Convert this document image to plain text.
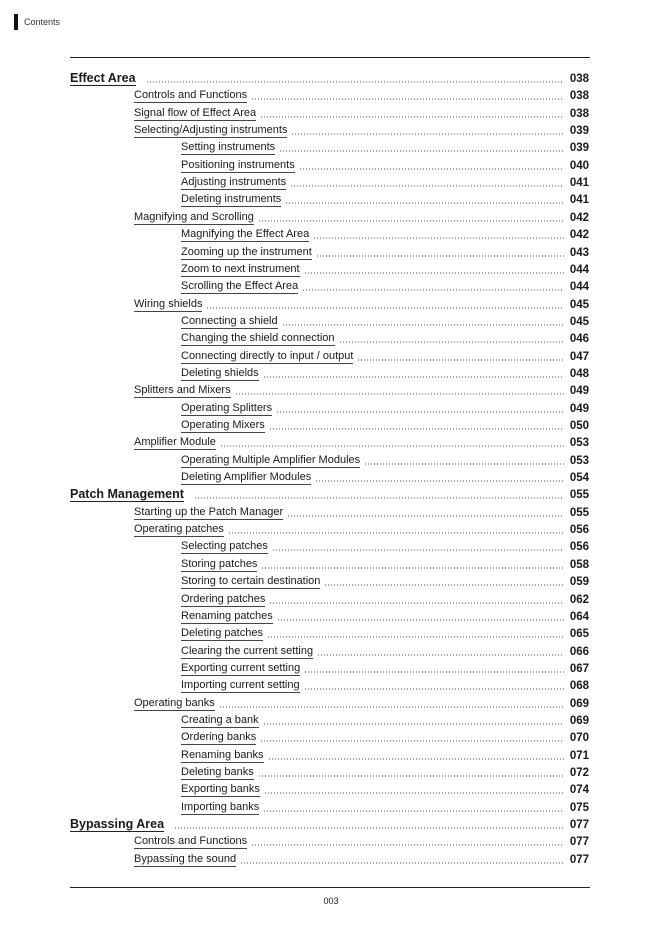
Contents
Effect Area	038
Controls and Functions	038
Signal flow of Effect Area	038
Selecting/Adjusting instruments	039
Setting instruments	039
Positioning instruments	040
Adjusting instruments	041
Deleting instruments	041
Magnifying and Scrolling	042
Magnifying the Effect Area	042
Zooming up the instrument	043
Zoom to next instrument	044
Scrolling the Effect Area	044
Wiring shields	045
Connecting a shield	045
Changing the shield connection	046
Connecting directly to input / output	047
Deleting shields	048
Splitters and Mixers	049
Operating Splitters	049
Operating Mixers	050
Amplifier Module	053
Operating Multiple Amplifier Modules	053
Deleting Amplifier Modules	054
Patch Management	055
Starting up the Patch Manager	055
Operating patches	056
Selecting patches	056
Storing patches	058
Storing to certain destination	059
Ordering patches	062
Renaming patches	064
Deleting patches	065
Clearing the current setting	066
Exporting current setting	067
Importing current setting	068
Operating banks	069
Creating a bank	069
Ordering banks	070
Renaming banks	071
Deleting banks	072
Exporting banks	074
Importing banks	075
Bypassing Area	077
Controls and Functions	077
Bypassing the sound	077
003
